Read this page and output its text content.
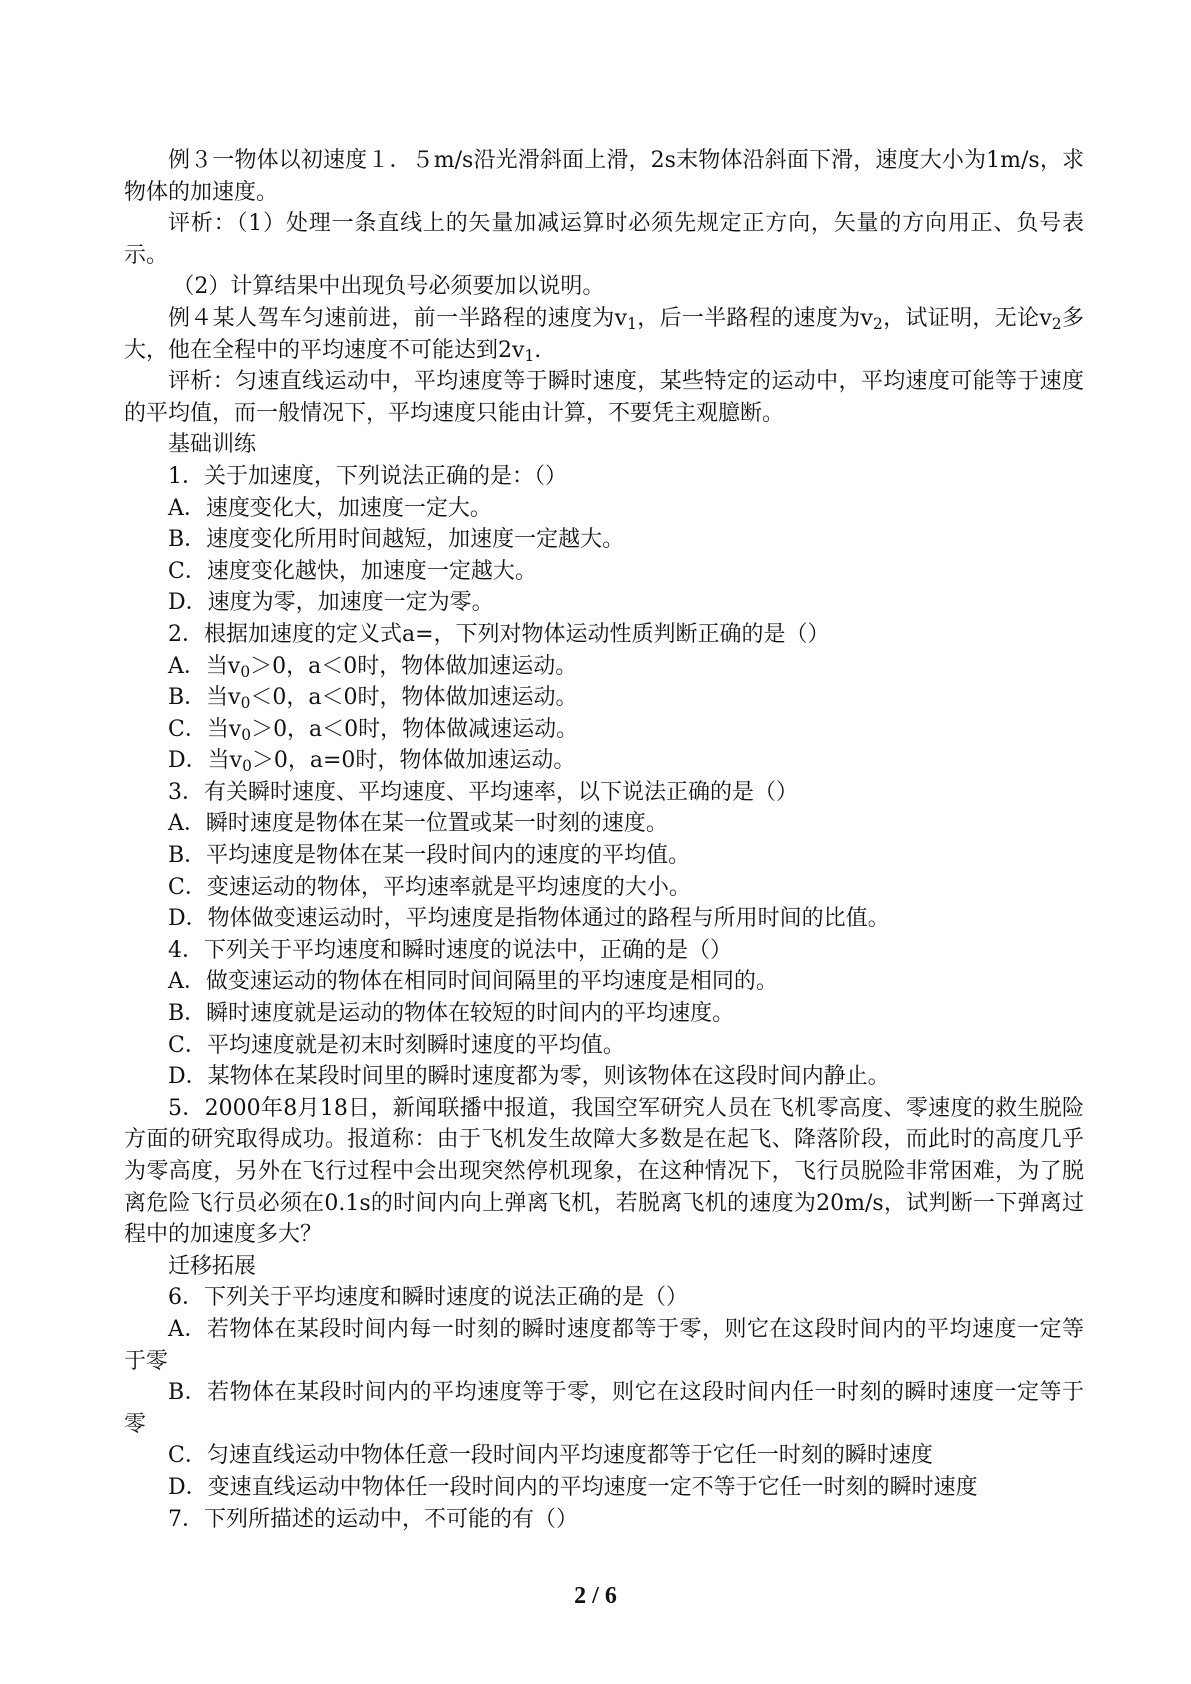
例３一物体以初速度１．５m/s沿光滑斜面上滑，2s末物体沿斜面下滑，速度大小为1m/s，求物体的加速度。

评析：（1）处理一条直线上的矢量加减运算时必须先规定正方向，矢量的方向用正、负号表示。

（2）计算结果中出现负号必须要加以说明。

例４某人驾车匀速前进，前一半路程的速度为$v_1$，后一半路程的速度为$v_2$，试证明，无论$v_2$多大，他在全程中的平均速度不可能达到$2v_1$.

评析：匀速直线运动中，平均速度等于瞬时速度，某些特定的运动中，平均速度可能等于速度的平均值，而一般情况下，平均速度只能由计算，不要凭主观臆断。

基础训练

1．关于加速度，下列说法正确的是：（）

A．速度变化大，加速度一定大。

B．速度变化所用时间越短，加速度一定越大。

C．速度变化越快，加速度一定越大。

D．速度为零，加速度一定为零。

2．根据加速度的定义式a=，下列对物体运动性质判断正确的是（）

A．当$v_0>0$，a＜0时，物体做加速运动。

B．当$v_0<0$，a＜0时，物体做加速运动。

C．当$v_0>0$，a＜0时，物体做减速运动。

D．当$v_0>0$，a=0时，物体做加速运动。

3．有关瞬时速度、平均速度、平均速率，以下说法正确的是（）

A．瞬时速度是物体在某一位置或某一时刻的速度。

B．平均速度是物体在某一段时间内的速度的平均值。

C．变速运动的物体，平均速率就是平均速度的大小。

D．物体做变速运动时，平均速度是指物体通过的路程与所用时间的比值。

4．下列关于平均速度和瞬时速度的说法中，正确的是（）

A．做变速运动的物体在相同时间间隔里的平均速度是相同的。

B．瞬时速度就是运动的物体在较短的时间内的平均速度。

C．平均速度就是初末时刻瞬时速度的平均值。

D．某物体在某段时间里的瞬时速度都为零，则该物体在这段时间内静止。

5．2000年8月18日，新闻联播中报道，我国空军研究人员在飞机零高度、零速度的救生脱险方面的研究取得成功。报道称：由于飞机发生故障大多数是在起飞、降落阶段，而此时的高度几乎为零高度，另外在飞行过程中会出现突然停机现象，在这种情况下，飞行员脱险非常困难，为了脱离危险飞行员必须在0.1s的时间内向上弹离飞机，若脱离飞机的速度为20m/s，试判断一下弹离过程中的加速度多大？

迁移拓展

6．下列关于平均速度和瞬时速度的说法正确的是（）

A．若物体在某段时间内每一时刻的瞬时速度都等于零，则它在这段时间内的平均速度一定等于零

B．若物体在某段时间内的平均速度等于零，则它在这段时间内任一时刻的瞬时速度一定等于零

C．匀速直线运动中物体任意一段时间内平均速度都等于它任一时刻的瞬时速度

D．变速直线运动中物体任一段时间内的平均速度一定不等于它任一时刻的瞬时速度

7．下列所描述的运动中，不可能的有（）

2 / 6
